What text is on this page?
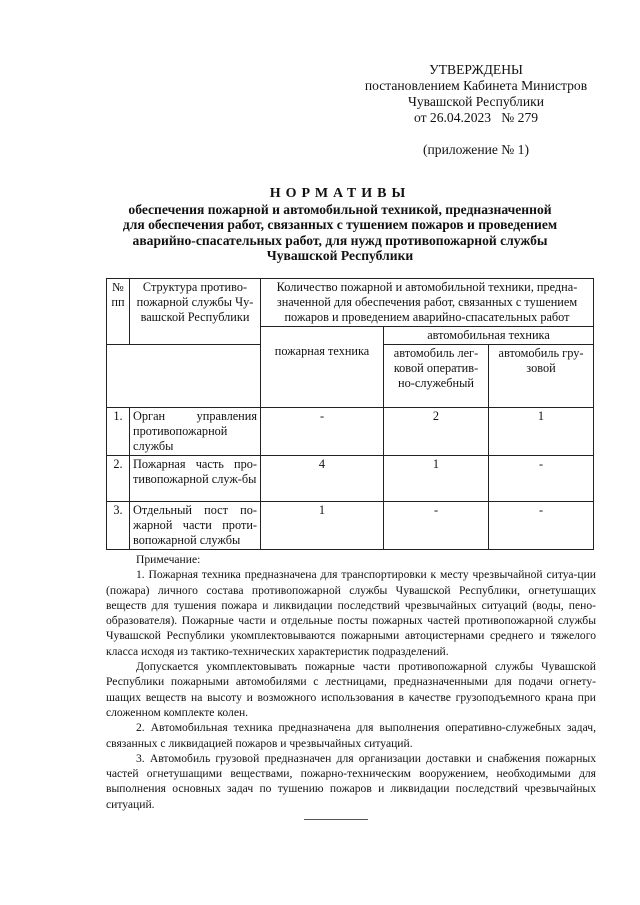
УТВЕРЖДЕНЫ
постановлением Кабинета Министров
Чувашской Республики
от 26.04.2023   № 279
(приложение № 1)
НОРМАТИВЫ
обеспечения пожарной и автомобильной техникой, предназначенной
для обеспечения работ, связанных с тушением пожаров и проведением
аварийно-спасательных работ, для нужд противопожарной службы
Чувашской Республики
№ пп	Структура противо-пожарной службы Чу-вашской Республики	Количество пожарной и автомобильной техники, предна-значенной для обеспечения работ, связанных с тушением пожаров и проведением аварийно-спасательных работ		
		пожарная техника	автомобильная техника	
			автомобиль лег-ковой оператив-но-служебный	автомобиль гру-зовой
1.	Орган управления противопожарной службы	-	2	1
2.	Пожарная часть про-тивопожарной служ-бы	4	1	-
3.	Отдельный пост по-жарной части проти-вопожарной службы	1	-	-

Примечание:

1. Пожарная техника предназначена для транспортировки к месту чрезвычайной ситуа-ции (пожара) личного состава противопожарной службы Чувашской Республики, огнетушащих веществ для тушения пожара и ликвидации последствий чрезвычайных ситуаций (воды, пено-образователя). Пожарные части и отдельные посты пожарных частей противопожарной службы Чувашской Республики укомплектовываются пожарными автоцистернами среднего и тяжелого класса исходя из тактико-технических характеристик подразделений.

Допускается укомплектовывать пожарные части противопожарной службы Чувашской Республики пожарными автомобилями с лестницами, предназначенными для подачи огнету-шащих веществ на высоту и возможного использования в качестве грузоподъемного крана при сложенном комплекте колен.

2. Автомобильная техника предназначена для выполнения оперативно-служебных задач, связанных с ликвидацией пожаров и чрезвычайных ситуаций.

3. Автомобиль грузовой предназначен для организации доставки и снабжения пожарных частей огнетушащими веществами, пожарно-техническим вооружением, необходимыми для выполнения основных задач по тушению пожаров и ликвидации последствий чрезвычайных ситуаций.
